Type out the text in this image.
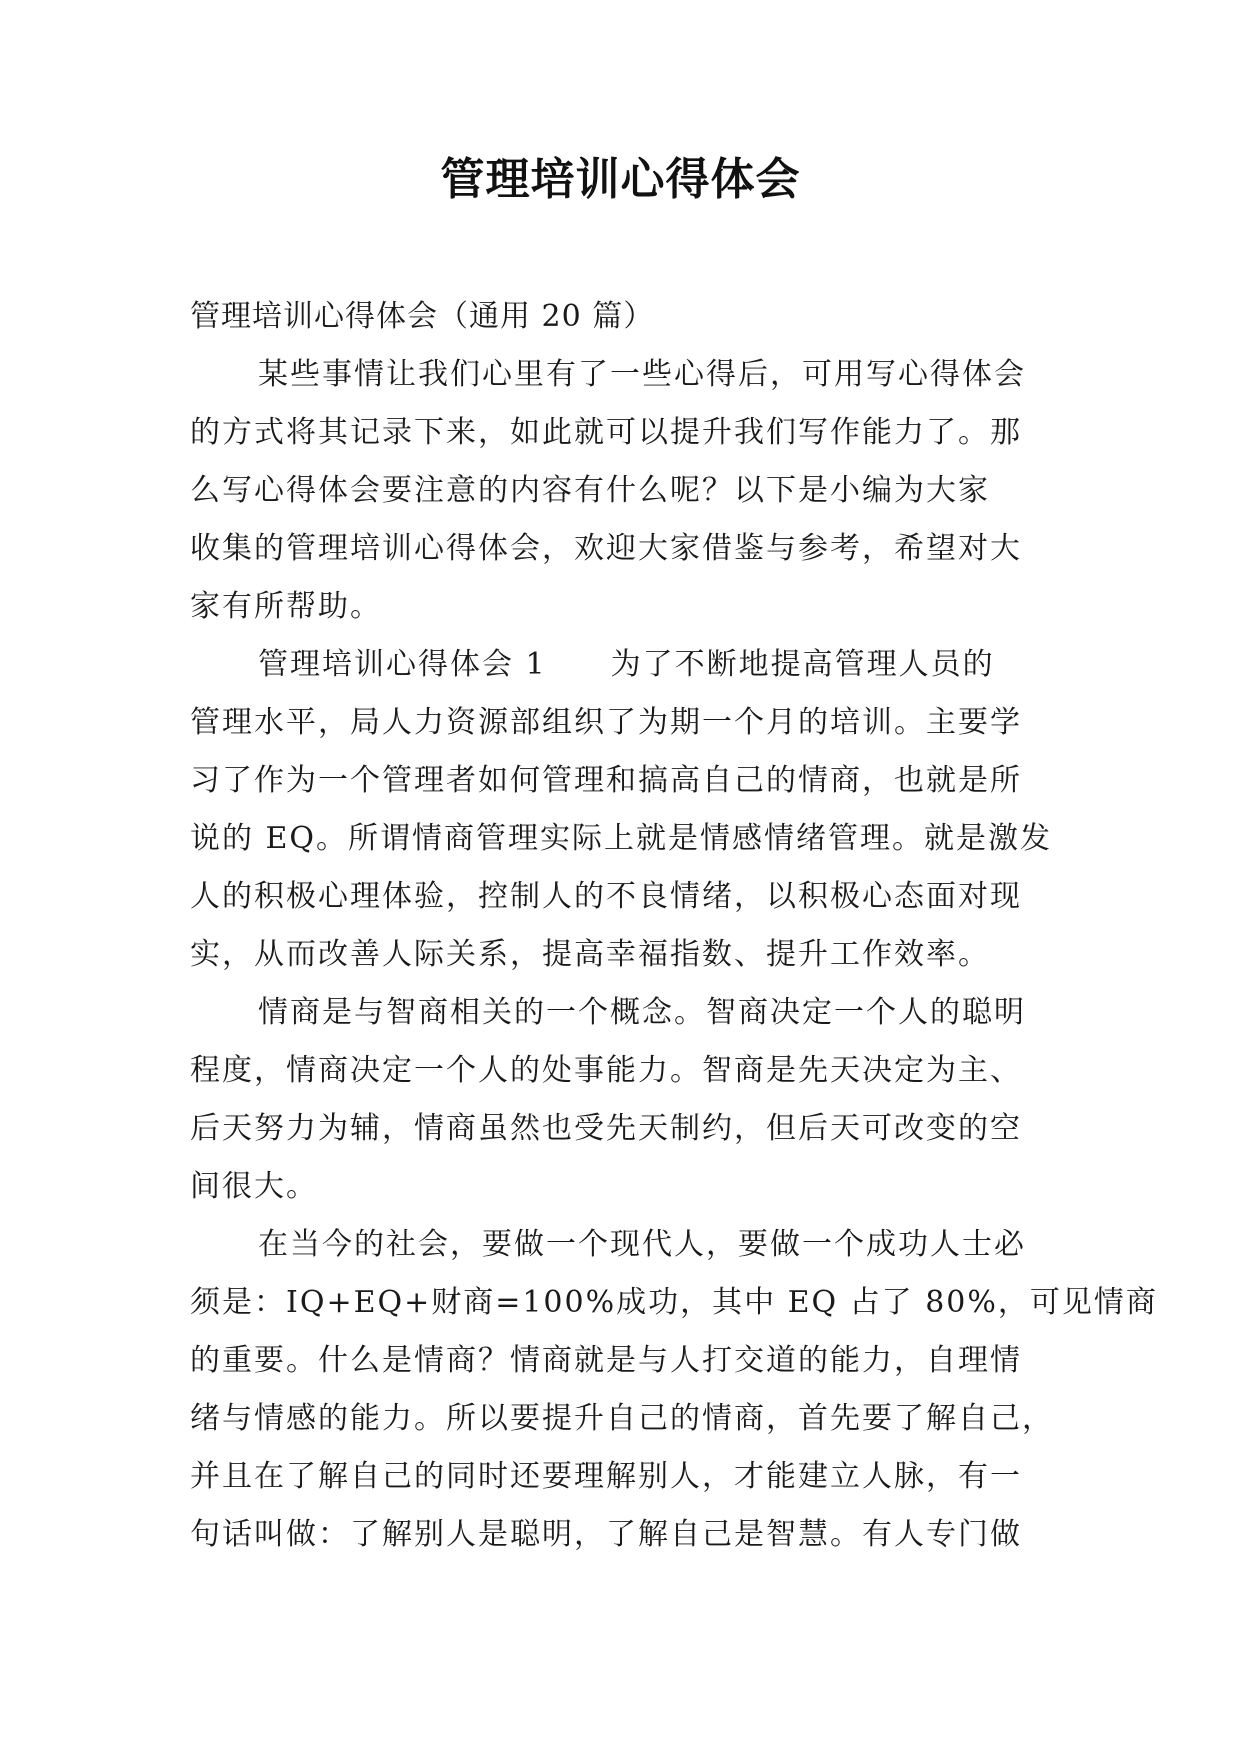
管理培训心得体会
管理培训心得体会（通用 20 篇）
某些事情让我们心里有了一些心得后，可用写心得体会
的方式将其记录下来，如此就可以提升我们写作能力了。那
么写心得体会要注意的内容有什么呢？以下是小编为大家
收集的管理培训心得体会，欢迎大家借鉴与参考，希望对大
家有所帮助。
管理培训心得体会 1　　为了不断地提高管理人员的
管理水平，局人力资源部组织了为期一个月的培训。主要学
习了作为一个管理者如何管理和搞高自己的情商，也就是所
说的 EQ。所谓情商管理实际上就是情感情绪管理。就是激发
人的积极心理体验，控制人的不良情绪，以积极心态面对现
实，从而改善人际关系，提高幸福指数、提升工作效率。
情商是与智商相关的一个概念。智商决定一个人的聪明
程度，情商决定一个人的处事能力。智商是先天决定为主、
后天努力为辅，情商虽然也受先天制约，但后天可改变的空
间很大。
在当今的社会，要做一个现代人，要做一个成功人士必
须是：IQ+EQ+财商=100%成功，其中 EQ 占了 80%，可见情商
的重要。什么是情商？情商就是与人打交道的能力，自理情
绪与情感的能力。所以要提升自己的情商，首先要了解自己，
并且在了解自己的同时还要理解别人，才能建立人脉，有一
句话叫做：了解别人是聪明，了解自己是智慧。有人专门做
